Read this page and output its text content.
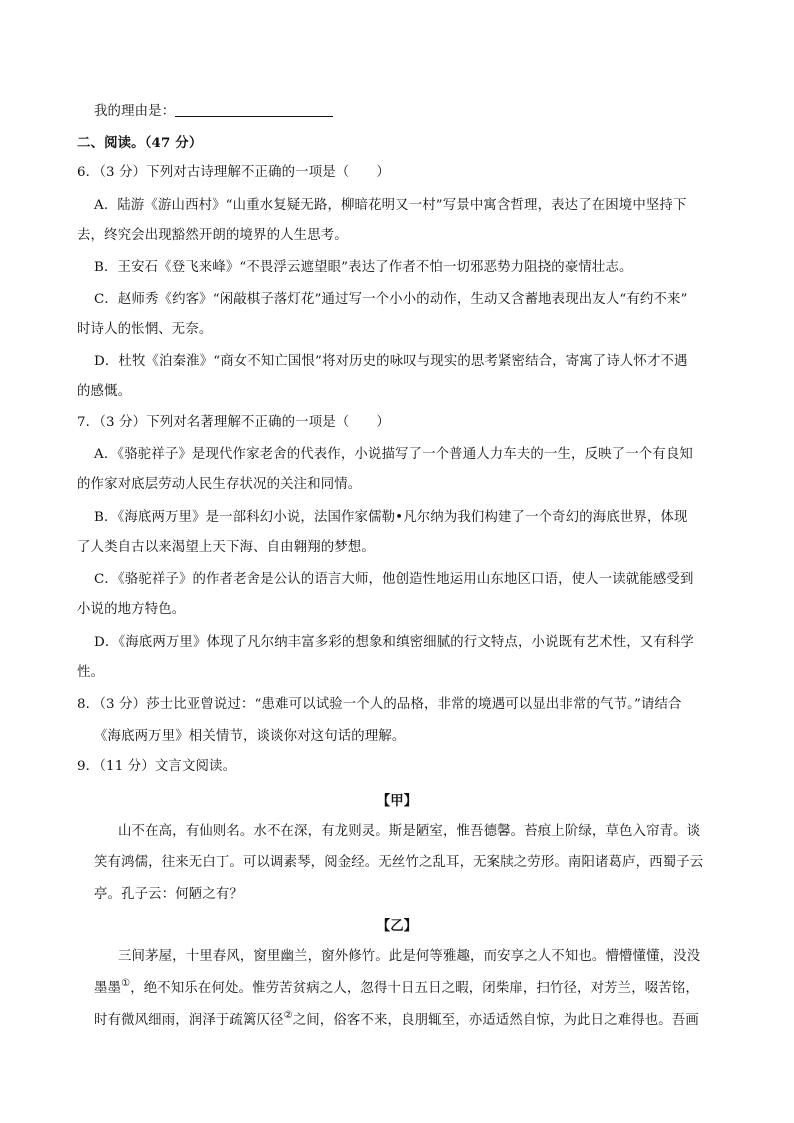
我的理由是：
二、阅读。（47 分）
6．（3 分）下列对古诗理解不正确的一项是（　　）
A．陆游《游山西村》“山重水复疑无路，柳暗花明又一村”写景中寓含哲理，表达了在困境中坚持下
去，终究会出现豁然开朗的境界的人生思考。
B．王安石《登飞来峰》“不畏浮云遮望眼”表达了作者不怕一切邪恶势力阻挠的豪情壮志。
C．赵师秀《约客》“闲敲棋子落灯花”通过写一个小小的动作，生动又含蓄地表现出友人“有约不来”
时诗人的怅惘、无奈。
D．杜牧《泊秦淮》“商女不知亡国恨”将对历史的咏叹与现实的思考紧密结合，寄寓了诗人怀才不遇
的感慨。
7．（3 分）下列对名著理解不正确的一项是（　　）
A．《骆驼祥子》是现代作家老舍的代表作，小说描写了一个普通人力车夫的一生，反映了一个有良知
的作家对底层劳动人民生存状况的关注和同情。
B．《海底两万里》是一部科幻小说，法国作家儒勒•凡尔纳为我们构建了一个奇幻的海底世界，体现
了人类自古以来渴望上天下海、自由翱翔的梦想。
C．《骆驼祥子》的作者老舍是公认的语言大师，他创造性地运用山东地区口语，使人一读就能感受到
小说的地方特色。
D．《海底两万里》体现了凡尔纳丰富多彩的想象和缜密细腻的行文特点，小说既有艺术性，又有科学
性。
8．（3 分）莎士比亚曾说过：“患难可以试验一个人的品格，非常的境遇可以显出非常的气节。”请结合
《海底两万里》相关情节，谈谈你对这句话的理解。
9．（11 分）文言文阅读。
【甲】
山不在高，有仙则名。水不在深，有龙则灵。斯是陋室，惟吾德馨。苔痕上阶绿，草色入帘青。谈
笑有鸿儒，往来无白丁。可以调素琴，阅金经。无丝竹之乱耳，无案牍之劳形。南阳诸葛庐，西蜀子云
亭。孔子云：何陋之有？
【乙】
三间茅屋，十里春风，窗里幽兰，窗外修竹。此是何等雅趣，而安享之人不知也。懵懵懂懂，没没
墨墨①，绝不知乐在何处。惟劳苦贫病之人，忽得十日五日之暇，闭柴扉，扫竹径，对芳兰，啜苦铭，
时有微风细雨，润泽于疏篱仄径②之间，俗客不来，良朋辄至，亦适适然自惊，为此日之难得也。吾画
